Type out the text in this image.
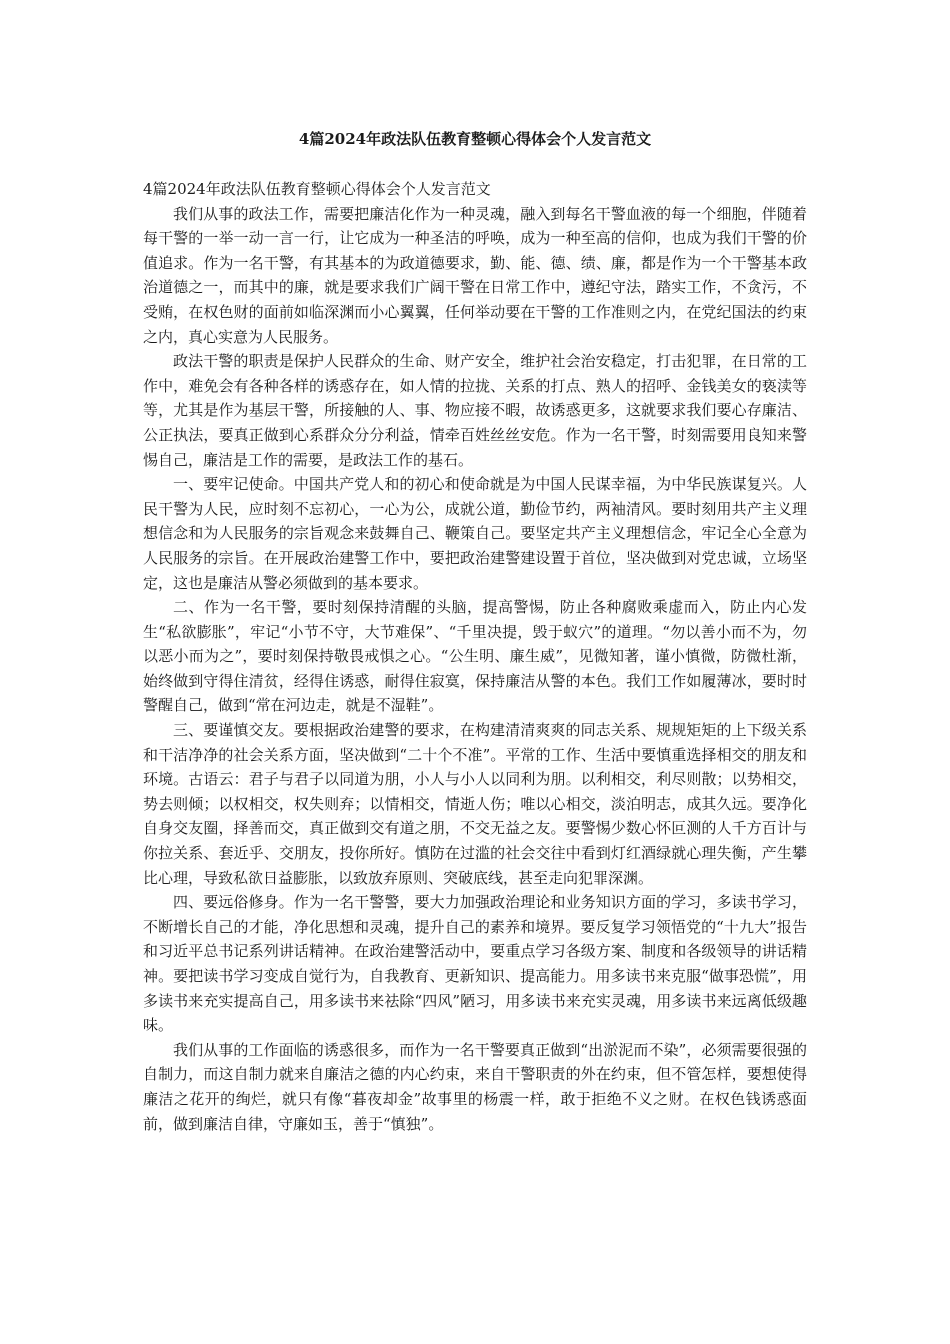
4篇2024年政法队伍教育整顿心得体会个人发言范文

4篇2024年政法队伍教育整顿心得体会个人发言范文

我们从事的政法工作，需要把廉洁化作为一种灵魂，融入到每名干警血液的每一个细胞，伴随着每干警的一举一动一言一行，让它成为一种圣洁的呼唤，成为一种至高的信仰，也成为我们干警的价值追求。作为一名干警，有其基本的为政道德要求，勤、能、德、绩、廉，都是作为一个干警基本政治道德之一，而其中的廉，就是要求我们广阔干警在日常工作中，遵纪守法，踏实工作，不贪污，不受贿，在权色财的面前如临深渊而小心翼翼，任何举动要在干警的工作准则之内，在党纪国法的约束之内，真心实意为人民服务。

政法干警的职责是保护人民群众的生命、财产安全，维护社会治安稳定，打击犯罪，在日常的工作中，难免会有各种各样的诱惑存在，如人情的拉拢、关系的打点、熟人的招呼、金钱美女的亵渎等等，尤其是作为基层干警，所接触的人、事、物应接不暇，故诱惑更多，这就要求我们要心存廉洁、公正执法，要真正做到心系群众分分利益，情牵百姓丝丝安危。作为一名干警，时刻需要用良知来警惕自己，廉洁是工作的需要，是政法工作的基石。

一、要牢记使命。中国共产党人和的初心和使命就是为中国人民谋幸福，为中华民族谋复兴。人民干警为人民，应时刻不忘初心，一心为公，成就公道，勤俭节约，两袖清风。要时刻用共产主义理想信念和为人民服务的宗旨观念来鼓舞自己、鞭策自己。要坚定共产主义理想信念，牢记全心全意为人民服务的宗旨。在开展政治建警工作中，要把政治建警建设置于首位，坚决做到对党忠诚，立场坚定，这也是廉洁从警必须做到的基本要求。

二、作为一名干警，要时刻保持清醒的头脑，提高警惕，防止各种腐败乘虚而入，防止内心发生“私欲膨胀”，牢记“小节不守，大节难保”、“千里决提，毁于蚁穴”的道理。“勿以善小而不为，勿以恶小而为之”，要时刻保持敬畏戒惧之心。“公生明、廉生威”，见微知著，谨小慎微，防微杜渐，始终做到守得住清贫，经得住诱惑，耐得住寂寞，保持廉洁从警的本色。我们工作如履薄冰，要时时警醒自己，做到“常在河边走，就是不湿鞋”。

三、要谨慎交友。要根据政治建警的要求，在构建清清爽爽的同志关系、规规矩矩的上下级关系和干洁净净的社会关系方面，坚决做到“二十个不准”。平常的工作、生活中要慎重选择相交的朋友和环境。古语云：君子与君子以同道为朋，小人与小人以同利为朋。以利相交，利尽则散；以势相交，势去则倾；以权相交，权失则弃；以情相交，情逝人伤；唯以心相交，淡泊明志，成其久远。要净化自身交友圈，择善而交，真正做到交有道之朋，不交无益之友。要警惕少数心怀叵测的人千方百计与你拉关系、套近乎、交朋友，投你所好。慎防在过滥的社会交往中看到灯红酒绿就心理失衡，产生攀比心理，导致私欲日益膨胀，以致放弃原则、突破底线，甚至走向犯罪深渊。

四、要远俗修身。作为一名干警警，要大力加强政治理论和业务知识方面的学习，多读书学习，不断增长自己的才能，净化思想和灵魂，提升自己的素养和境界。要反复学习领悟党的“十九大”报告和习近平总书记系列讲话精神。在政治建警活动中，要重点学习各级方案、制度和各级领导的讲话精神。要把读书学习变成自觉行为，自我教育、更新知识、提高能力。用多读书来克服“做事恐慌”，用多读书来充实提高自己，用多读书来祛除“四风”陋习，用多读书来充实灵魂，用多读书来远离低级趣味。

我们从事的工作面临的诱惑很多，而作为一名干警要真正做到“出淤泥而不染”，必须需要很强的自制力，而这自制力就来自廉洁之德的内心约束，来自干警职责的外在约束，但不管怎样，要想使得廉洁之花开的绚烂，就只有像“暮夜却金”故事里的杨震一样，敢于拒绝不义之财。在权色钱诱惑面前，做到廉洁自律，守廉如玉，善于“慎独”。
